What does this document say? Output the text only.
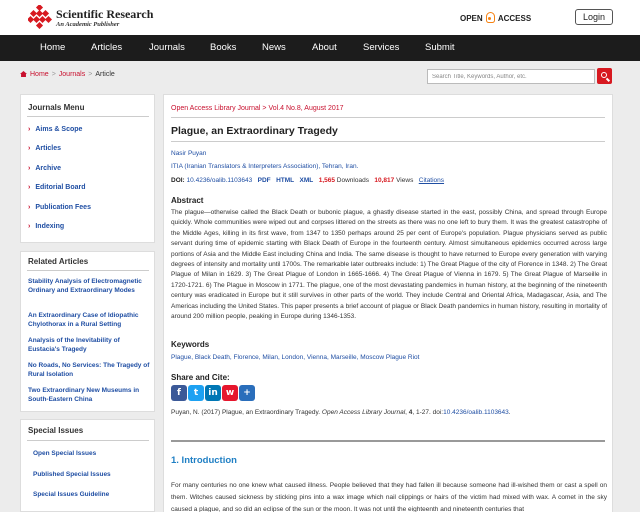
Scientific Research
An Academic Publisher
OPEN ACCESS	Login
Home	Articles	Journals	Books	News	About	Services	Submit
Home > Journals > Article
Search Title, Keywords, Author, etc.
Journals Menu
› Aims & Scope
› Articles
› Archive
› Editorial Board
› Publication Fees
› Indexing
Related Articles
Stability Analysis of Electromagnetic Ordinary and Extraordinary Modes
An Extraordinary Case of Idiopathic Chylothorax in a Rural Setting
Analysis of the Inevitability of Eustacia's Tragedy
No Roads, No Services: The Tragedy of Rural Isolation
Two Extraordinary New Museums in South-Eastern China
Special Issues
Open Special Issues
Published Special Issues
Special Issues Guideline
Open Access Library Journal > Vol.4 No.8, August 2017
Plague, an Extraordinary Tragedy
Nasir Puyan
ITIA (Iranian Translators & Interpreters Association), Tehran, Iran.
DOI: 10.4236/oalib.1103643 PDF HTML XML 1,565 Downloads 10,817 Views Citations
Abstract
The plague—otherwise called the Black Death or bubonic plague, a ghastly disease started in the east, possibly China, and spread through Europe quickly. Whole communities were wiped out and corpses littered on the streets as there was no one left to bury them. It was the greatest catastrophe of the Middle Ages, killing in its first wave, from 1347 to 1350 perhaps around 25 per cent of Europe's population. Plague physicians served as public servant during time of epidemic starting with Black Death of Europe in the fourteenth century. Almost simultaneous epidemics occurred across large portions of Asia and the Middle East including China and India. The same disease is thought to have returned to Europe every generation with varying degrees of intensity and mortality until 1700s. The remarkable later outbreaks include: 1) The Great Plague of the city of Florence in 1348. 2) The Great Plague of Milan in 1629. 3) The Great Plague of London in 1665-1666. 4) The Great Plague of Vienna in 1679. 5) The Great Plague of Marseille in 1720-1721. 6) The Plague in Moscow in 1771. The plague, one of the most devastating pandemics in human history, at the beginning of the nineteenth century was eradicated in Europe but it still survives in other parts of the world. They include Central and Oriental Africa, Madagascar, Asia, and The Americas including the United States. This paper presents a brief account of plague or Black Death pandemics in human history, resulting in mortality of around 200 million people, peaking in Europe during 1346-1353.
Keywords
Plague, Black Death, Florence, Milan, London, Vienna, Marseille, Moscow Plague Riot
Share and Cite:
f t in w +
Puyan, N. (2017) Plague, an Extraordinary Tragedy. Open Access Library Journal, 4, 1-27. doi:10.4236/oalib.1103643.
1. Introduction
For many centuries no one knew what caused illness. People believed that they had fallen ill because someone had ill-wished them or cast a spell on them. Witches caused sickness by sticking pins into a wax image which nail clippings or hairs of the victim had mixed with wax. A comet in the sky caused a plague, and so did an eclipse of the sun or the moon. It was not until the eighteenth and nineteenth centuries that
